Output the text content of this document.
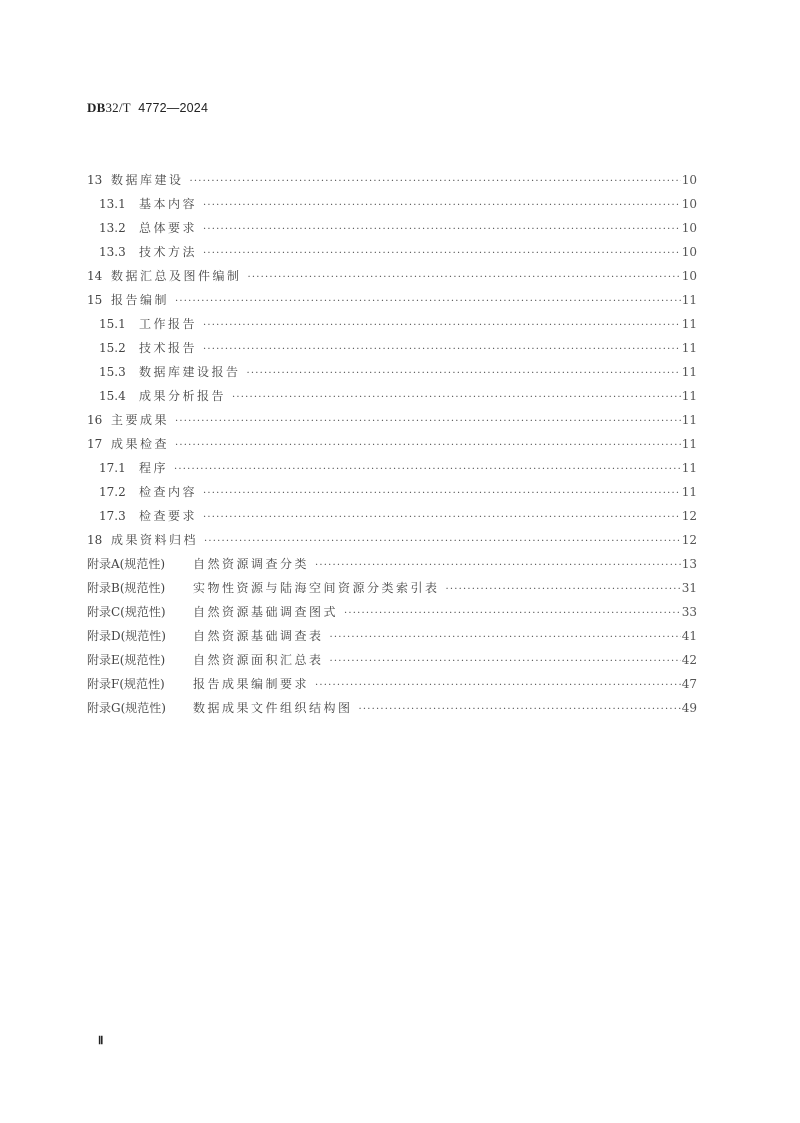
DB32/T 4772—2024
13 数据库建设 ·····	10
13.1	基本内容 ·····	10
13.2	总体要求 ·····	10
13.3	技术方法 ·····	10
14 数据汇总及图件编制 ·····	10
15 报告编制 ·····	11
15.1	工作报告 ·····	11
15.2	技术报告 ·····	11
15.3	数据库建设报告 ·····	11
15.4	成果分析报告 ·····	11
16 主要成果 ·····	11
17 成果检查 ·····	11
17.1	程序 ·····	11
17.2	检查内容 ·····	11
17.3	检查要求 ·····	12
18 成果资料归档 ·····	12
附录A(规范性)	自然资源调查分类 ·····	13
附录B(规范性)	实物性资源与陆海空间资源分类索引表 ·····	31
附录C(规范性)	自然资源基础调查图式 ·····	33
附录D(规范性)	自然资源基础调查表 ·····	41
附录E(规范性)	自然资源面积汇总表 ·····	42
附录F(规范性)	报告成果编制要求 ·····	47
附录G(规范性)	数据成果文件组织结构图 ·····	49
Ⅱ
